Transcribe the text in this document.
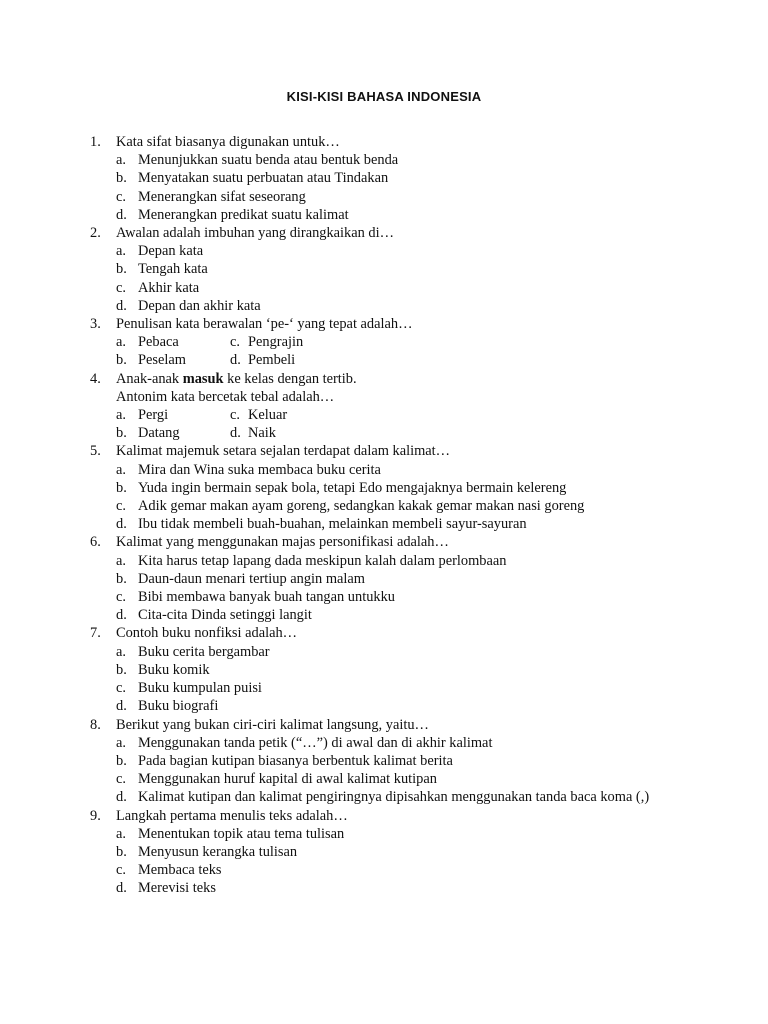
KISI-KISI BAHASA INDONESIA
1.	Kata sifat biasanya digunakan untuk…
a. Menunjukkan suatu benda atau bentuk benda
b. Menyatakan suatu perbuatan atau Tindakan
c. Menerangkan sifat seseorang
d. Menerangkan predikat suatu kalimat
2.	Awalan adalah imbuhan yang dirangkaikan di…
a. Depan kata
b. Tengah kata
c. Akhir kata
d. Depan dan akhir kata
3.	Penulisan kata berawalan ‘pe-‘ yang tepat adalah…
a. Pebaca	c. Pengrajin
b. Peselam	d. Pembeli
4.	Anak-anak masuk ke kelas dengan tertib.
Antonim kata bercetak tebal adalah…
a. Pergi	c. Keluar
b. Datang	d. Naik
5.	Kalimat majemuk setara sejalan terdapat dalam kalimat…
a. Mira dan Wina suka membaca buku cerita
b. Yuda ingin bermain sepak bola, tetapi Edo mengajaknya bermain kelereng
c. Adik gemar makan ayam goreng, sedangkan kakak gemar makan nasi goreng
d. Ibu tidak membeli buah-buahan, melainkan membeli sayur-sayuran
6.	Kalimat yang menggunakan majas personifikasi adalah…
a. Kita harus tetap lapang dada meskipun kalah dalam perlombaan
b. Daun-daun menari tertiup angin malam
c. Bibi membawa banyak buah tangan untukku
d. Cita-cita Dinda setinggi langit
7.	Contoh buku nonfiksi adalah…
a. Buku cerita bergambar
b. Buku komik
c. Buku kumpulan puisi
d. Buku biografi
8.	Berikut yang bukan ciri-ciri kalimat langsung, yaitu…
a. Menggunakan tanda petik (“…”) di awal dan di akhir kalimat
b. Pada bagian kutipan biasanya berbentuk kalimat berita
c. Menggunakan huruf kapital di awal kalimat kutipan
d. Kalimat kutipan dan kalimat pengiringnya dipisahkan menggunakan tanda baca koma (,)
9.	Langkah pertama menulis teks adalah…
a. Menentukan topik atau tema tulisan
b. Menyusun kerangka tulisan
c. Membaca teks
d. Merevisi teks
